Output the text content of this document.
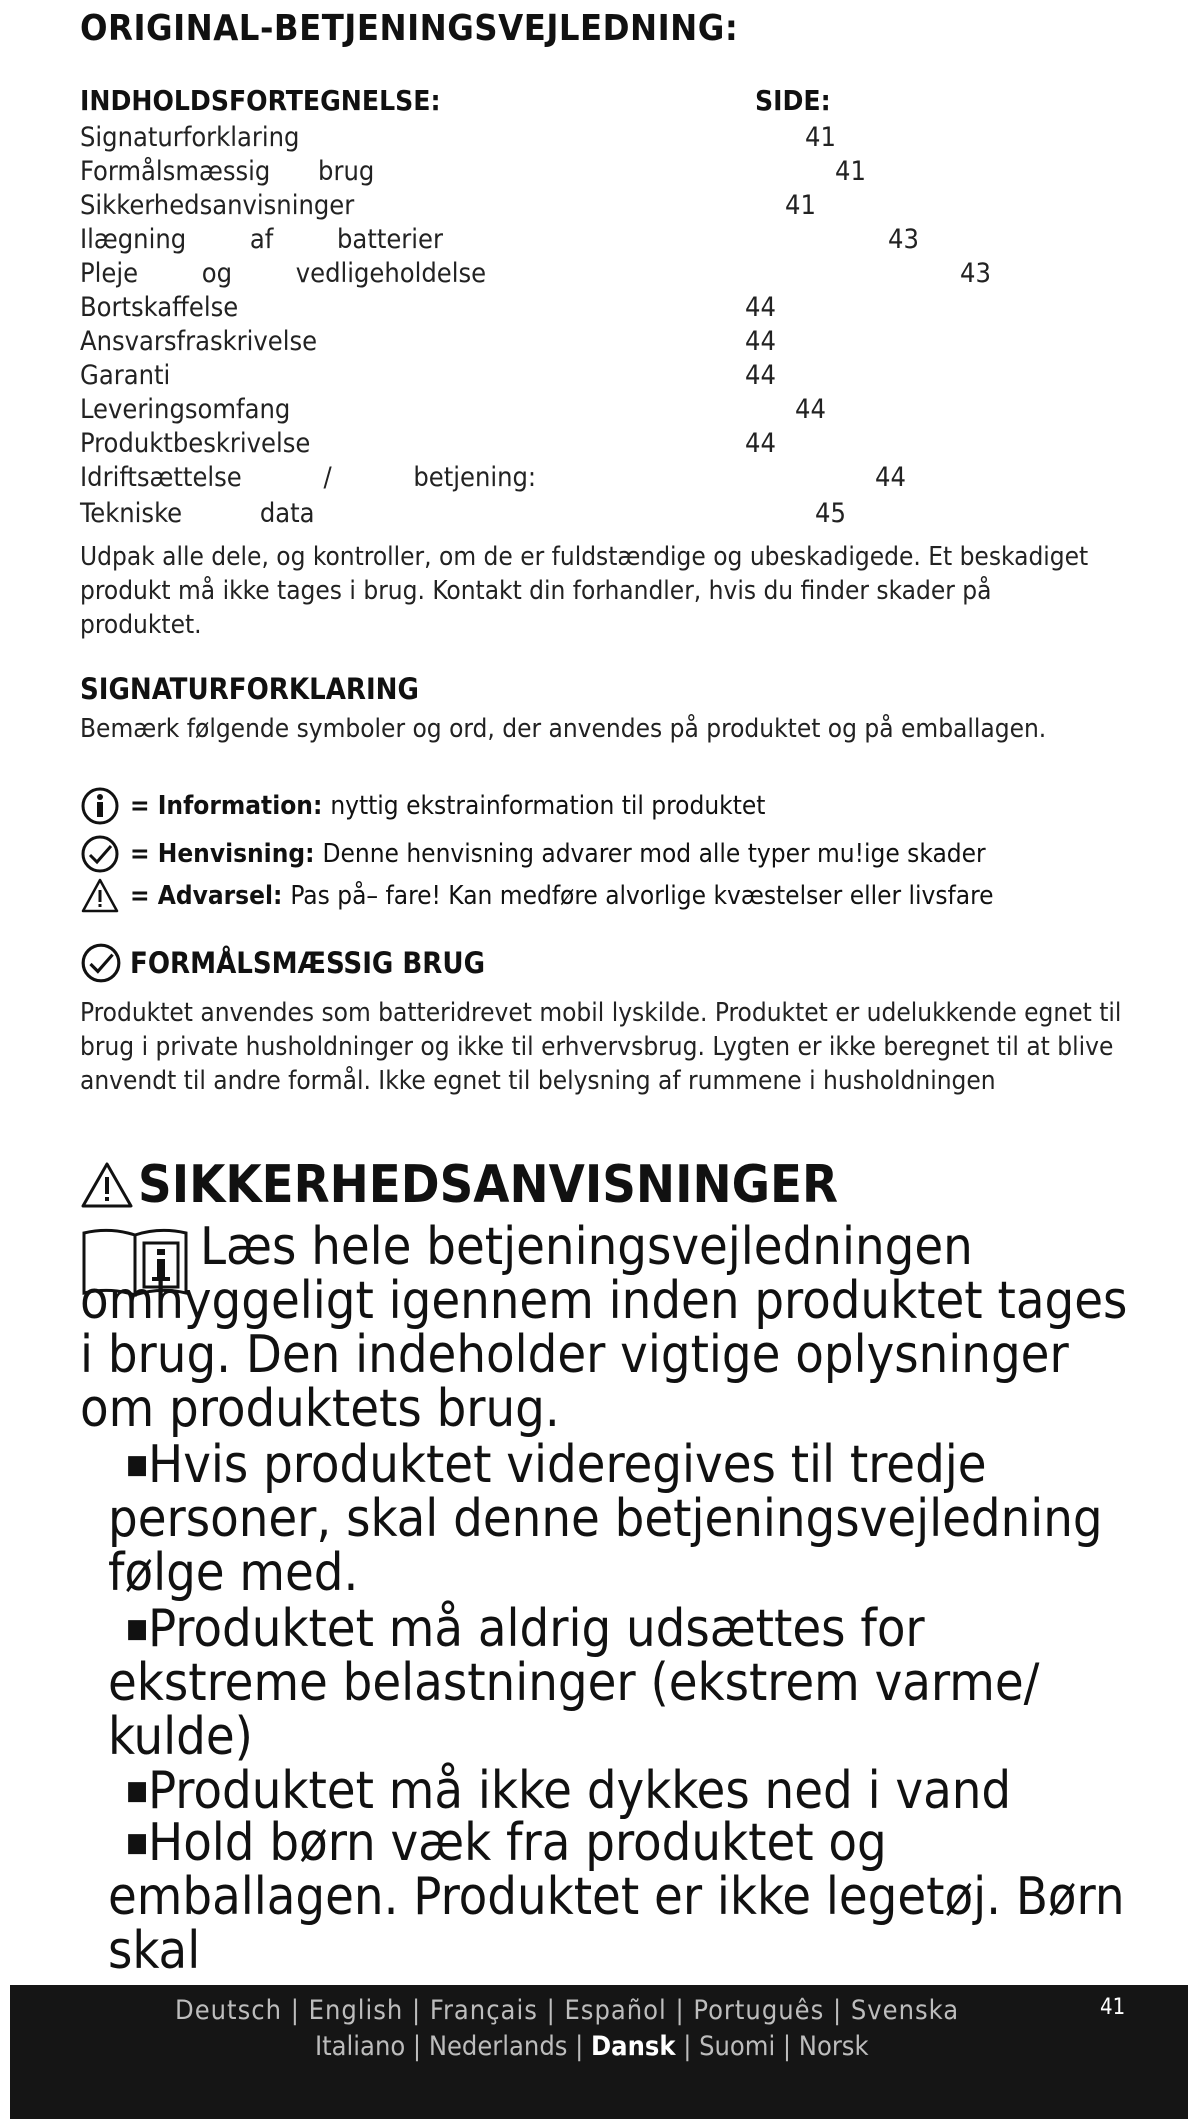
ORIGINAL-BETJENINGSVEJLEDNING:
INDHOLDSFORTEGNELSE:	SIDE:
Signaturforklaring	41
Formålsmæssig brug	41
Sikkerhedsanvisninger	41
Ilægning af batterier	43
Pleje og vedligeholdelse	43
Bortskaffelse	44
Ansvarsfraskrivelse	44
Garanti	44
Leveringsomfang	44
Produktbeskrivelse	44
Idriftsættelse / betjening:	44
Tekniske data	45
Udpak alle dele, og kontroller, om de er fuldstændige og ubeskadigede. Et beskadiget produkt må ikke tages i brug. Kontakt din forhandler, hvis du finder skader på produktet.
SIGNATURFORKLARING
Bemærk følgende symboler og ord, der anvendes på produktet og på emballagen.
= Information: nyttig ekstrainformation til produktet
= Henvisning: Denne henvisning advarer mod alle typer mu!ige skader
= Advarsel: Pas på– fare! Kan medføre alvorlige kvæstelser eller livsfare
FORMÅLSMÆSSIG BRUG
Produktet anvendes som batteridrevet mobil lyskilde. Produktet er udelukkende egnet til brug i private husholdninger og ikke til erhvervsbrug. Lygten er ikke beregnet til at blive anvendt til andre formål. Ikke egnet til belysning af rummene i husholdningen
SIKKERHEDSANVISNINGER
Læs hele betjeningsvejledningen omhyggeligt igennem inden produktet tages i brug. Den indeholder vigtige oplysninger om produktets brug.
■ Hvis produktet videregives til tredje personer, skal denne betjeningsvejledning følge med.
■ Produktet må aldrig udsættes for ekstreme belastninger (ekstrem varme/ kulde)
■ Produktet må ikke dykkes ned i vand
■ Hold børn væk fra produktet og emballagen. Produktet er ikke legetøj. Børn skal
Deutsch | English | Français | Español | Português | Svenska
Italiano | Nederlands | Dansk | Suomi | Norsk
41
